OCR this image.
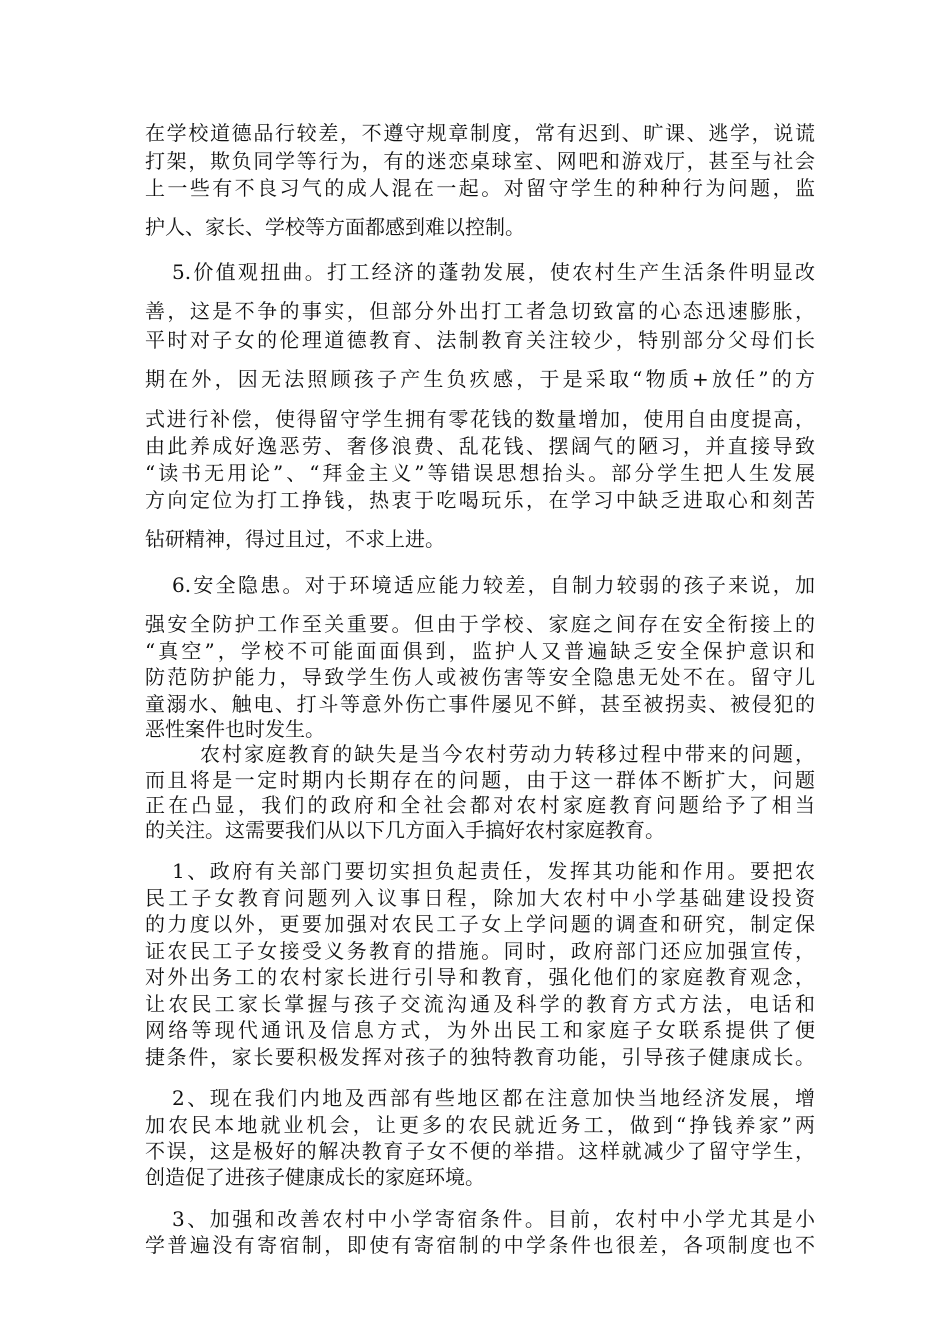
在学校道德品行较差，不遵守规章制度，常有迟到、旷课、逃学，说谎
打架，欺负同学等行为，有的迷恋桌球室、网吧和游戏厅，甚至与社会
上一些有不良习气的成人混在一起。对留守学生的种种行为问题，监
护人、家长、学校等方面都感到难以控制。
5.价值观扭曲。打工经济的蓬勃发展，使农村生产生活条件明显改
善，这是不争的事实，但部分外出打工者急切致富的心态迅速膨胀，
平时对子女的伦理道德教育、法制教育关注较少，特别部分父母们长
期在外，因无法照顾孩子产生负疚感，于是采取“物质+放任”的方
式进行补偿，使得留守学生拥有零花钱的数量增加，使用自由度提高，
由此养成好逸恶劳、奢侈浪费、乱花钱、摆阔气的陋习，并直接导致
“读书无用论”、“拜金主义”等错误思想抬头。部分学生把人生发展
方向定位为打工挣钱，热衷于吃喝玩乐，在学习中缺乏进取心和刻苦
钻研精神，得过且过，不求上进。
6.安全隐患。对于环境适应能力较差，自制力较弱的孩子来说，加
强安全防护工作至关重要。但由于学校、家庭之间存在安全衔接上的
“真空”，学校不可能面面俱到，监护人又普遍缺乏安全保护意识和
防范防护能力，导致学生伤人或被伤害等安全隐患无处不在。留守儿
童溺水、触电、打斗等意外伤亡事件屡见不鲜，甚至被拐卖、被侵犯的
恶性案件也时发生。
农村家庭教育的缺失是当今农村劳动力转移过程中带来的问题，
而且将是一定时期内长期存在的问题，由于这一群体不断扩大，问题
正在凸显，我们的政府和全社会都对农村家庭教育问题给予了相当
的关注。这需要我们从以下几方面入手搞好农村家庭教育。
1、政府有关部门要切实担负起责任，发挥其功能和作用。要把农
民工子女教育问题列入议事日程，除加大农村中小学基础建设投资
的力度以外，更要加强对农民工子女上学问题的调查和研究，制定保
证农民工子女接受义务教育的措施。同时，政府部门还应加强宣传，
对外出务工的农村家长进行引导和教育，强化他们的家庭教育观念，
让农民工家长掌握与孩子交流沟通及科学的教育方式方法，电话和
网络等现代通讯及信息方式，为外出民工和家庭子女联系提供了便
捷条件，家长要积极发挥对孩子的独特教育功能，引导孩子健康成长。
2、现在我们内地及西部有些地区都在注意加快当地经济发展，增
加农民本地就业机会，让更多的农民就近务工，做到“挣钱养家”两
不误，这是极好的解决教育子女不便的举措。这样就减少了留守学生，
创造促了进孩子健康成长的家庭环境。
3、加强和改善农村中小学寄宿条件。目前，农村中小学尤其是小
学普遍没有寄宿制，即使有寄宿制的中学条件也很差，各项制度也不
